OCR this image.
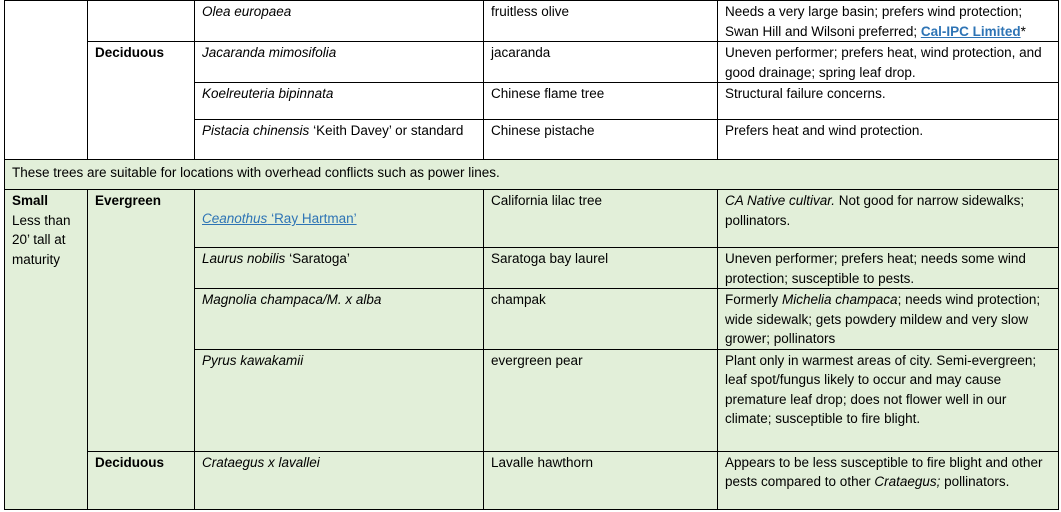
		Olea europaea	fruitless olive	Needs a very large basin; prefers wind protection; Swan Hill and Wilsoni preferred; Cal-IPC Limited*
	Deciduous	Jacaranda mimosifolia	jacaranda	Uneven performer; prefers heat, wind protection, and good drainage; spring leaf drop.
		Koelreuteria bipinnata	Chinese flame tree	Structural failure concerns.
		Pistacia chinensis ‘Keith Davey’ or standard	Chinese pistache	Prefers heat and wind protection.
These trees are suitable for locations with overhead conflicts such as power lines.				

Small
Less than 20’ tall at maturity	Evergreen	Ceanothus ‘Ray Hartman’	California lilac tree	CA Native cultivar. Not good for narrow sidewalks; pollinators.
		Laurus nobilis ‘Saratoga’	Saratoga bay laurel	Uneven performer; prefers heat; needs some wind protection; susceptible to pests.
		Magnolia champaca/M. x alba	champak	Formerly Michelia champaca; needs wind protection; wide sidewalk; gets powdery mildew and very slow grower; pollinators
		Pyrus kawakamii	evergreen pear	Plant only in warmest areas of city. Semi-evergreen; leaf spot/fungus likely to occur and may cause premature leaf drop; does not flower well in our climate; susceptible to fire blight.
	Deciduous	Crataegus x lavallei	Lavalle hawthorn	Appears to be less susceptible to fire blight and other pests compared to other Crataegus; pollinators.
